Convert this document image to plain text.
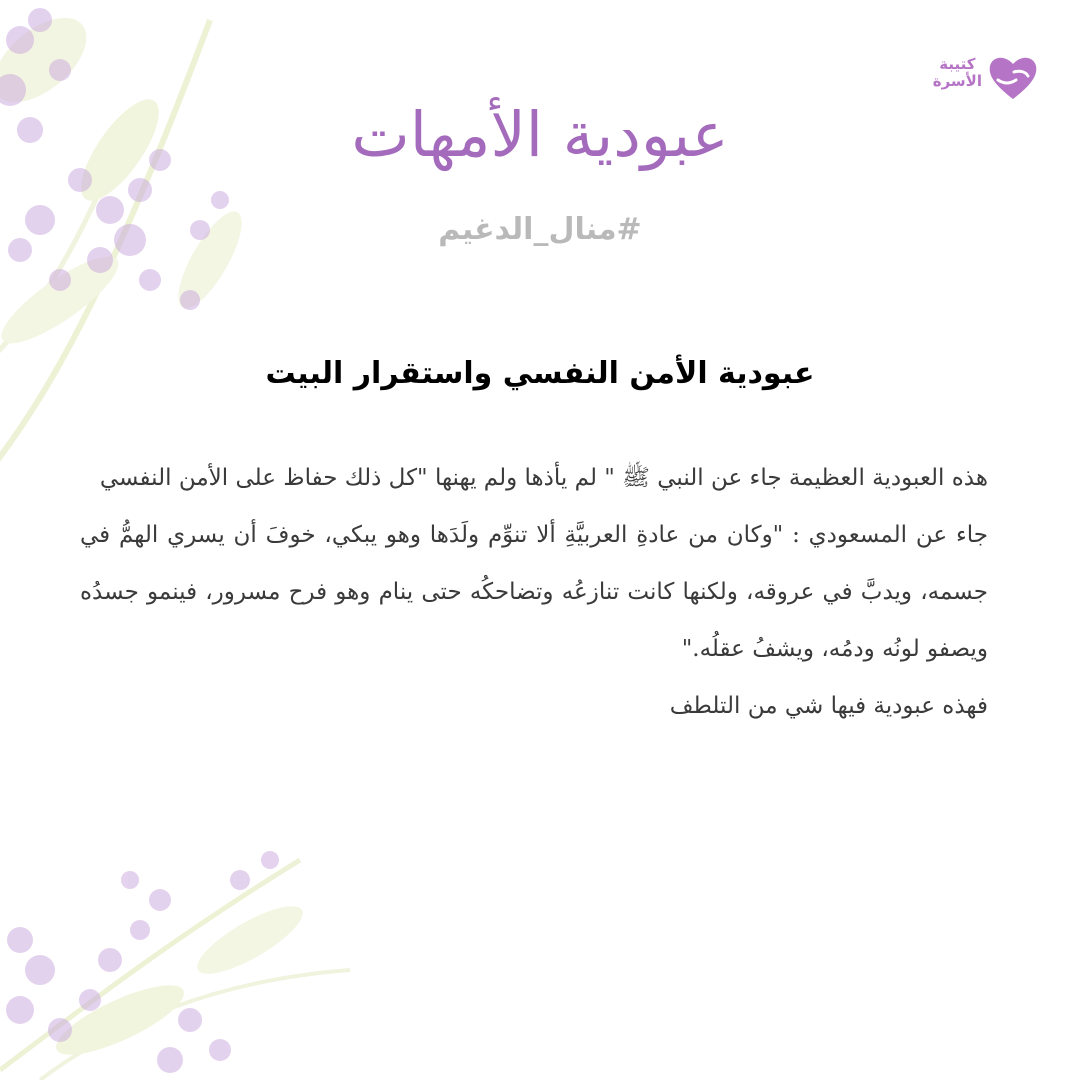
كتيبة
الأسرة
عبودية الأمهات
#منال_الدغيم
عبودية الأمن النفسي واستقرار البيت

هذه العبودية العظيمة جاء عن النبي ﷺ " لم يأذها ولم يهنها "كل ذلك حفاظ على الأمن النفسي

جاء عن المسعودي : "وكان من عادةِ العربيَّةِ ألا تنوِّم ولَدَها وهو يبكي، خوفَ أن يسري الهمُّ في جسمه، ويدبَّ في عروقه، ولكنها كانت تنازعُه وتضاحكُه حتى ينام وهو فرح مسرور، فينمو جسدُه ويصفو لونُه ودمُه، ويشفُ عقلُه."

فهذه عبودية فيها شي من التلطف
